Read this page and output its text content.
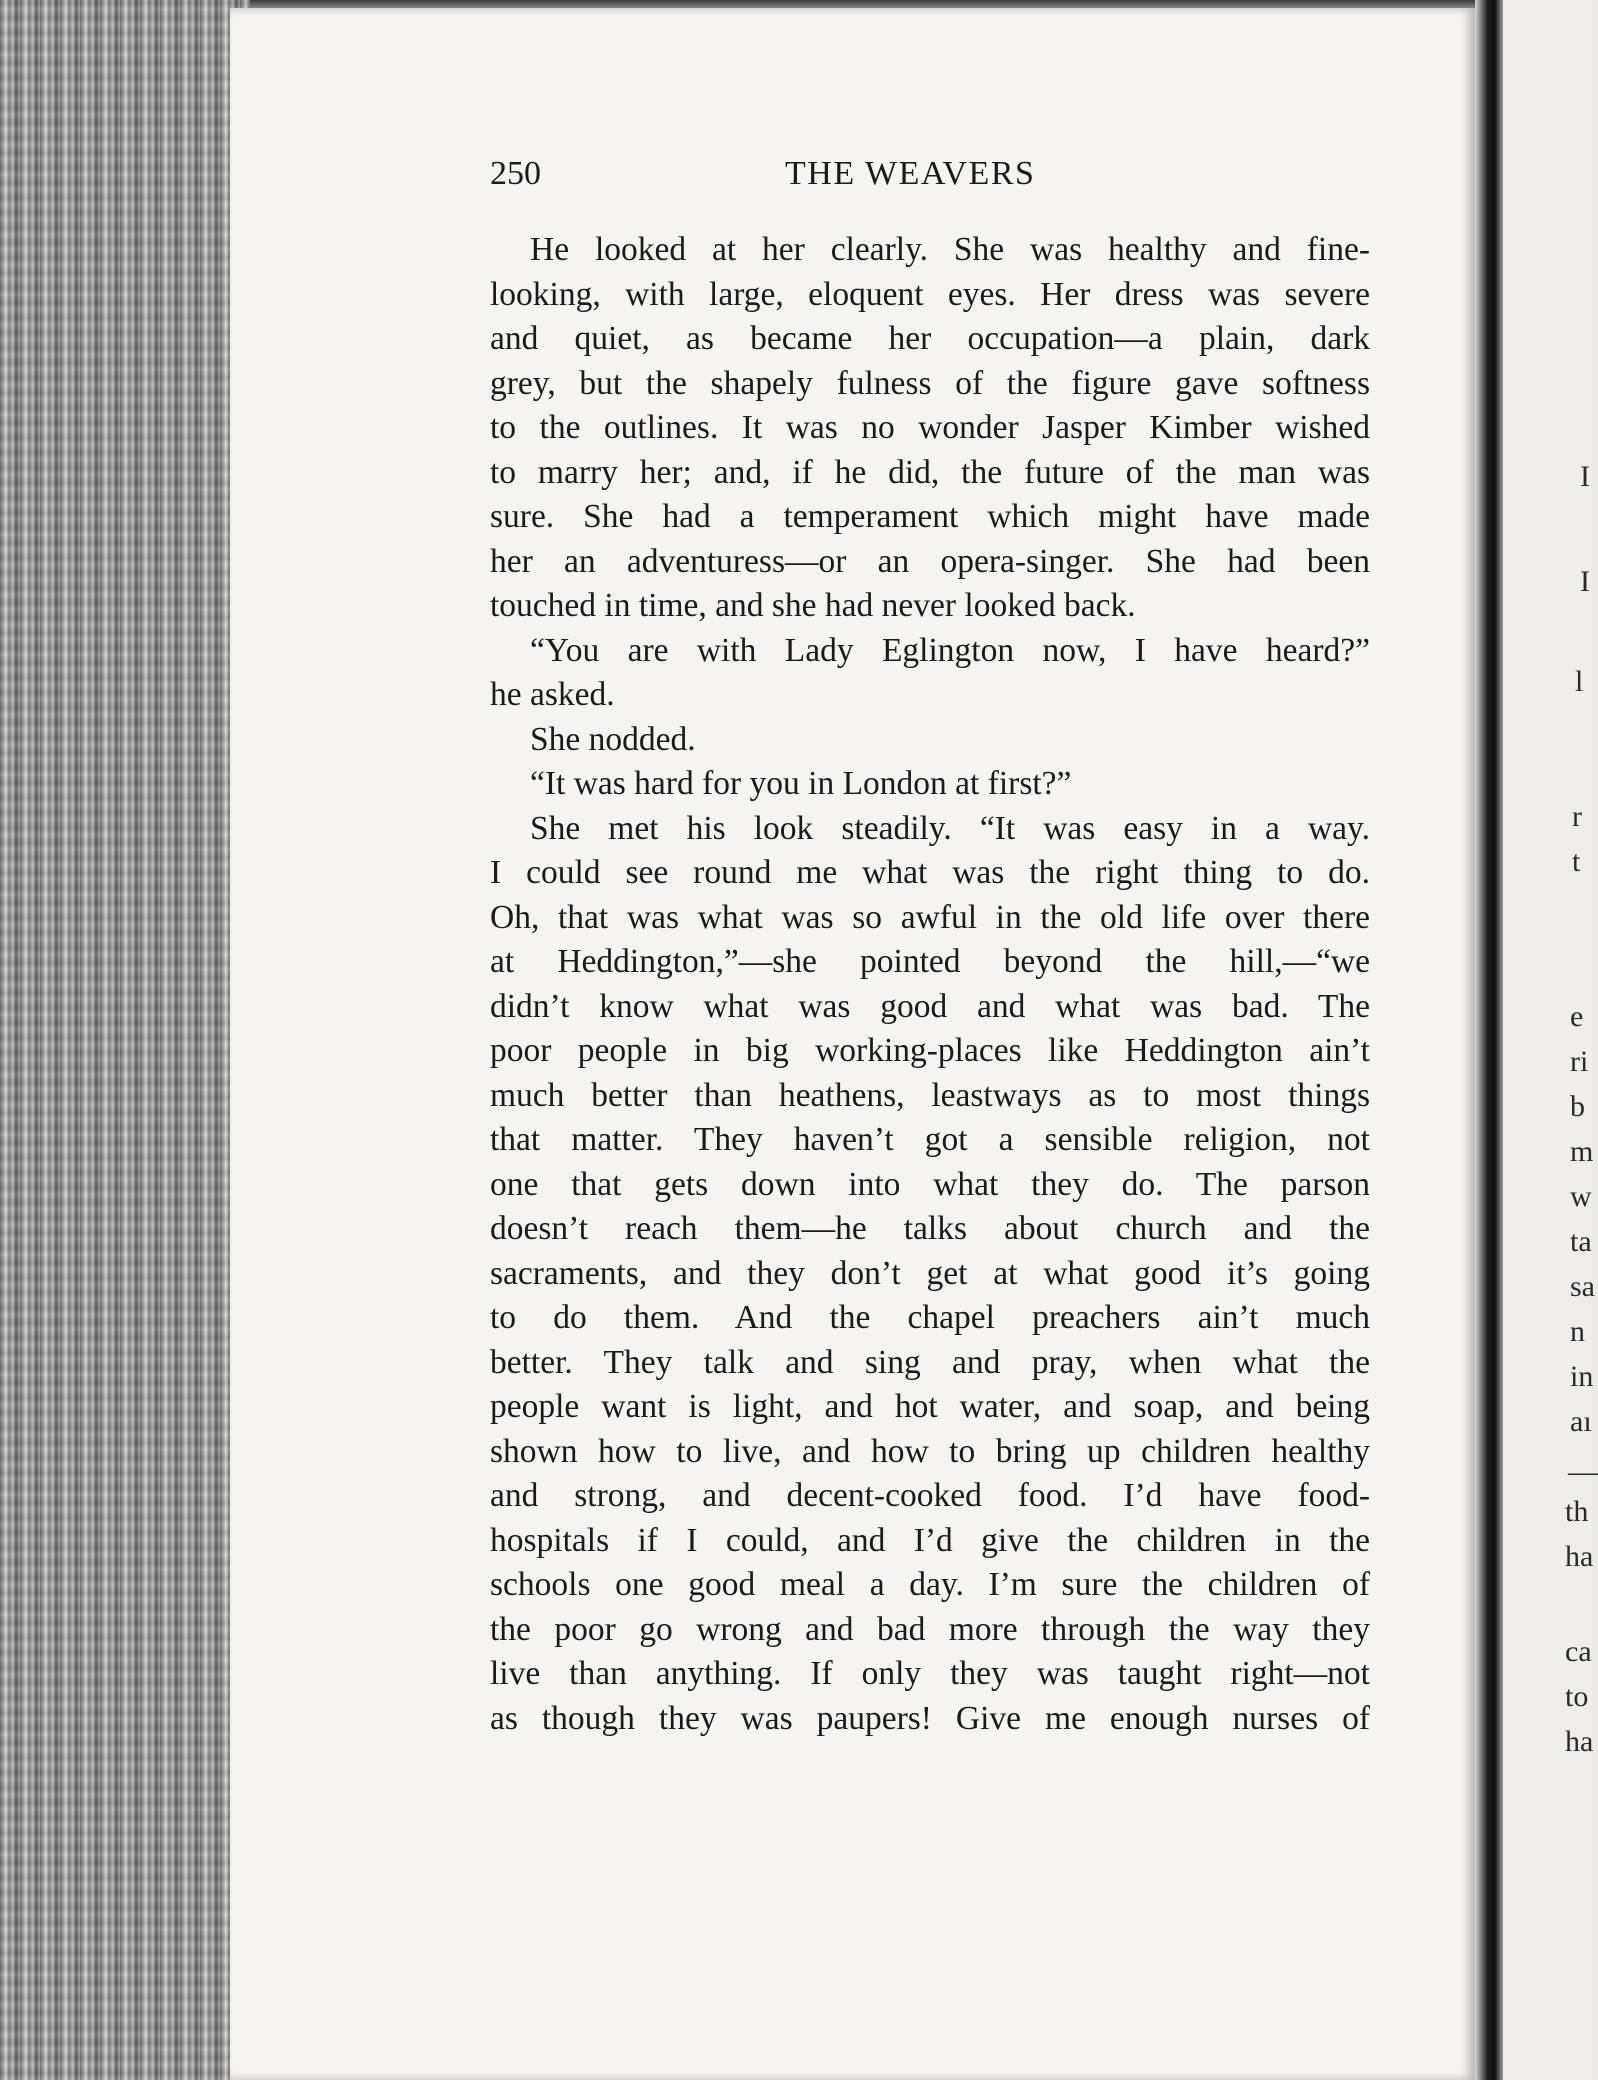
250	THE WEAVERS
He looked at her clearly. She was healthy and fine-
looking, with large, eloquent eyes. Her dress was severe
and quiet, as became her occupation—a plain, dark
grey, but the shapely fulness of the figure gave softness
to the outlines. It was no wonder Jasper Kimber wished
to marry her; and, if he did, the future of the man was
sure. She had a temperament which might have made
her an adventuress—or an opera-singer. She had been
touched in time, and she had never looked back.
“You are with Lady Eglington now, I have heard?”
he asked.
She nodded.
“It was hard for you in London at first?”
She met his look steadily. “It was easy in a way.
I could see round me what was the right thing to do.
Oh, that was what was so awful in the old life over there
at Heddington,”—she pointed beyond the hill,—“we
didn’t know what was good and what was bad. The
poor people in big working-places like Heddington ain’t
much better than heathens, leastways as to most things
that matter. They haven’t got a sensible religion, not
one that gets down into what they do. The parson
doesn’t reach them—he talks about church and the
sacraments, and they don’t get at what good it’s going
to do them. And the chapel preachers ain’t much
better. They talk and sing and pray, when what the
people want is light, and hot water, and soap, and being
shown how to live, and how to bring up children healthy
and strong, and decent-cooked food. I’d have food-
hospitals if I could, and I’d give the children in the
schools one good meal a day. I’m sure the children of
the poor go wrong and bad more through the way they
live than anything. If only they was taught right—not
as though they was paupers! Give me enough nurses of
I
I
l
r
t
e
ri
b
m
w
ta
sa
n
in
aı
—
th
ha
ca
to
ha
